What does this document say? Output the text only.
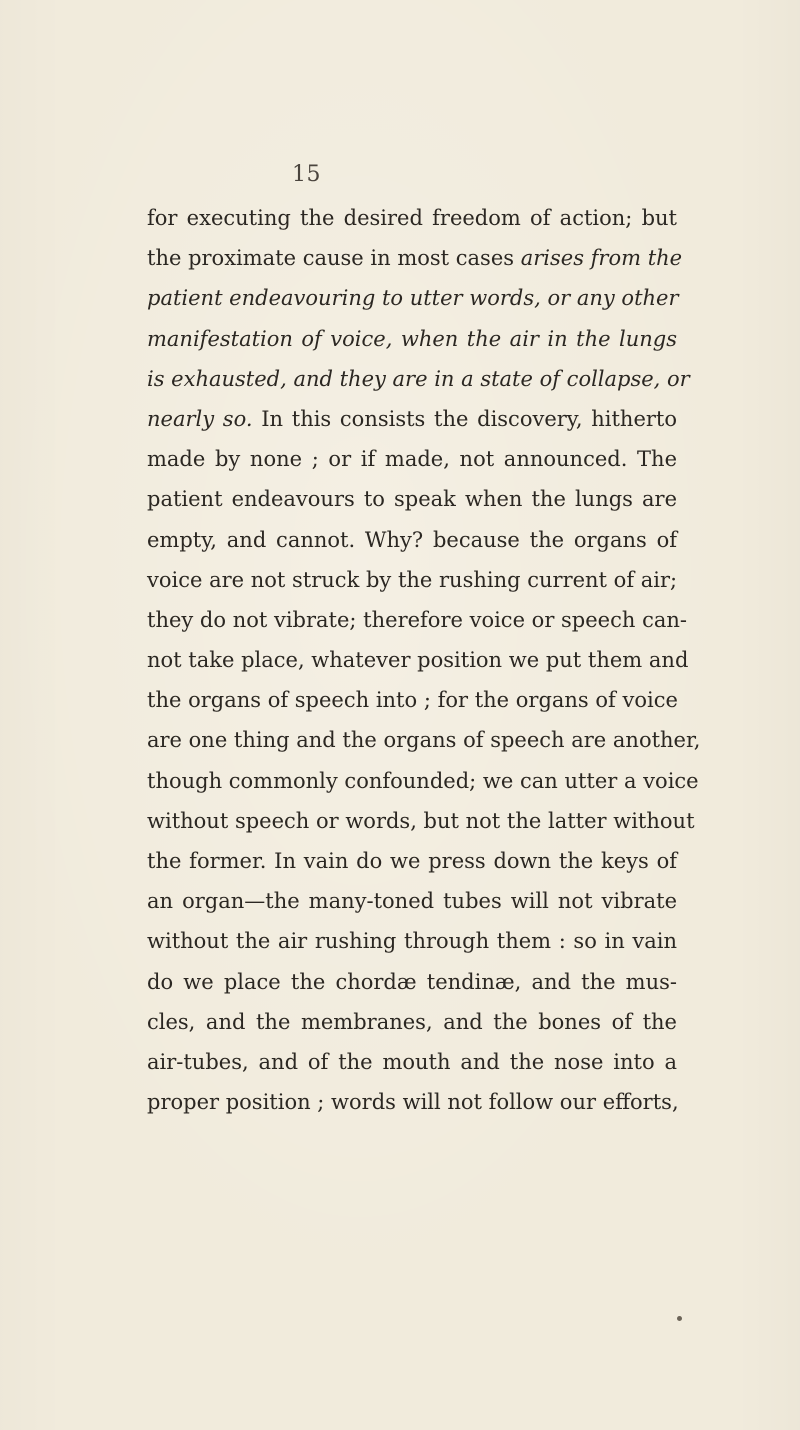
15
for executing the desired freedom of action; but
the proximate cause in most cases arises from the
patient endeavouring to utter words, or any other
manifestation of voice, when the air in the lungs
is exhausted, and they are in a state of collapse, or
nearly so. In this consists the discovery, hitherto
made by none ; or if made, not announced. The
patient endeavours to speak when the lungs are
empty, and cannot. Why? because the organs of
voice are not struck by the rushing current of air;
they do not vibrate; therefore voice or speech can-
not take place, whatever position we put them and
the organs of speech into ; for the organs of voice
are one thing and the organs of speech are another,
though commonly confounded; we can utter a voice
without speech or words, but not the latter without
the former. In vain do we press down the keys of
an organ—the many-toned tubes will not vibrate
without the air rushing through them : so in vain
do we place the chordæ tendinæ, and the mus-
cles, and the membranes, and the bones of the
air-tubes, and of the mouth and the nose into a
proper position ; words will not follow our efforts,
